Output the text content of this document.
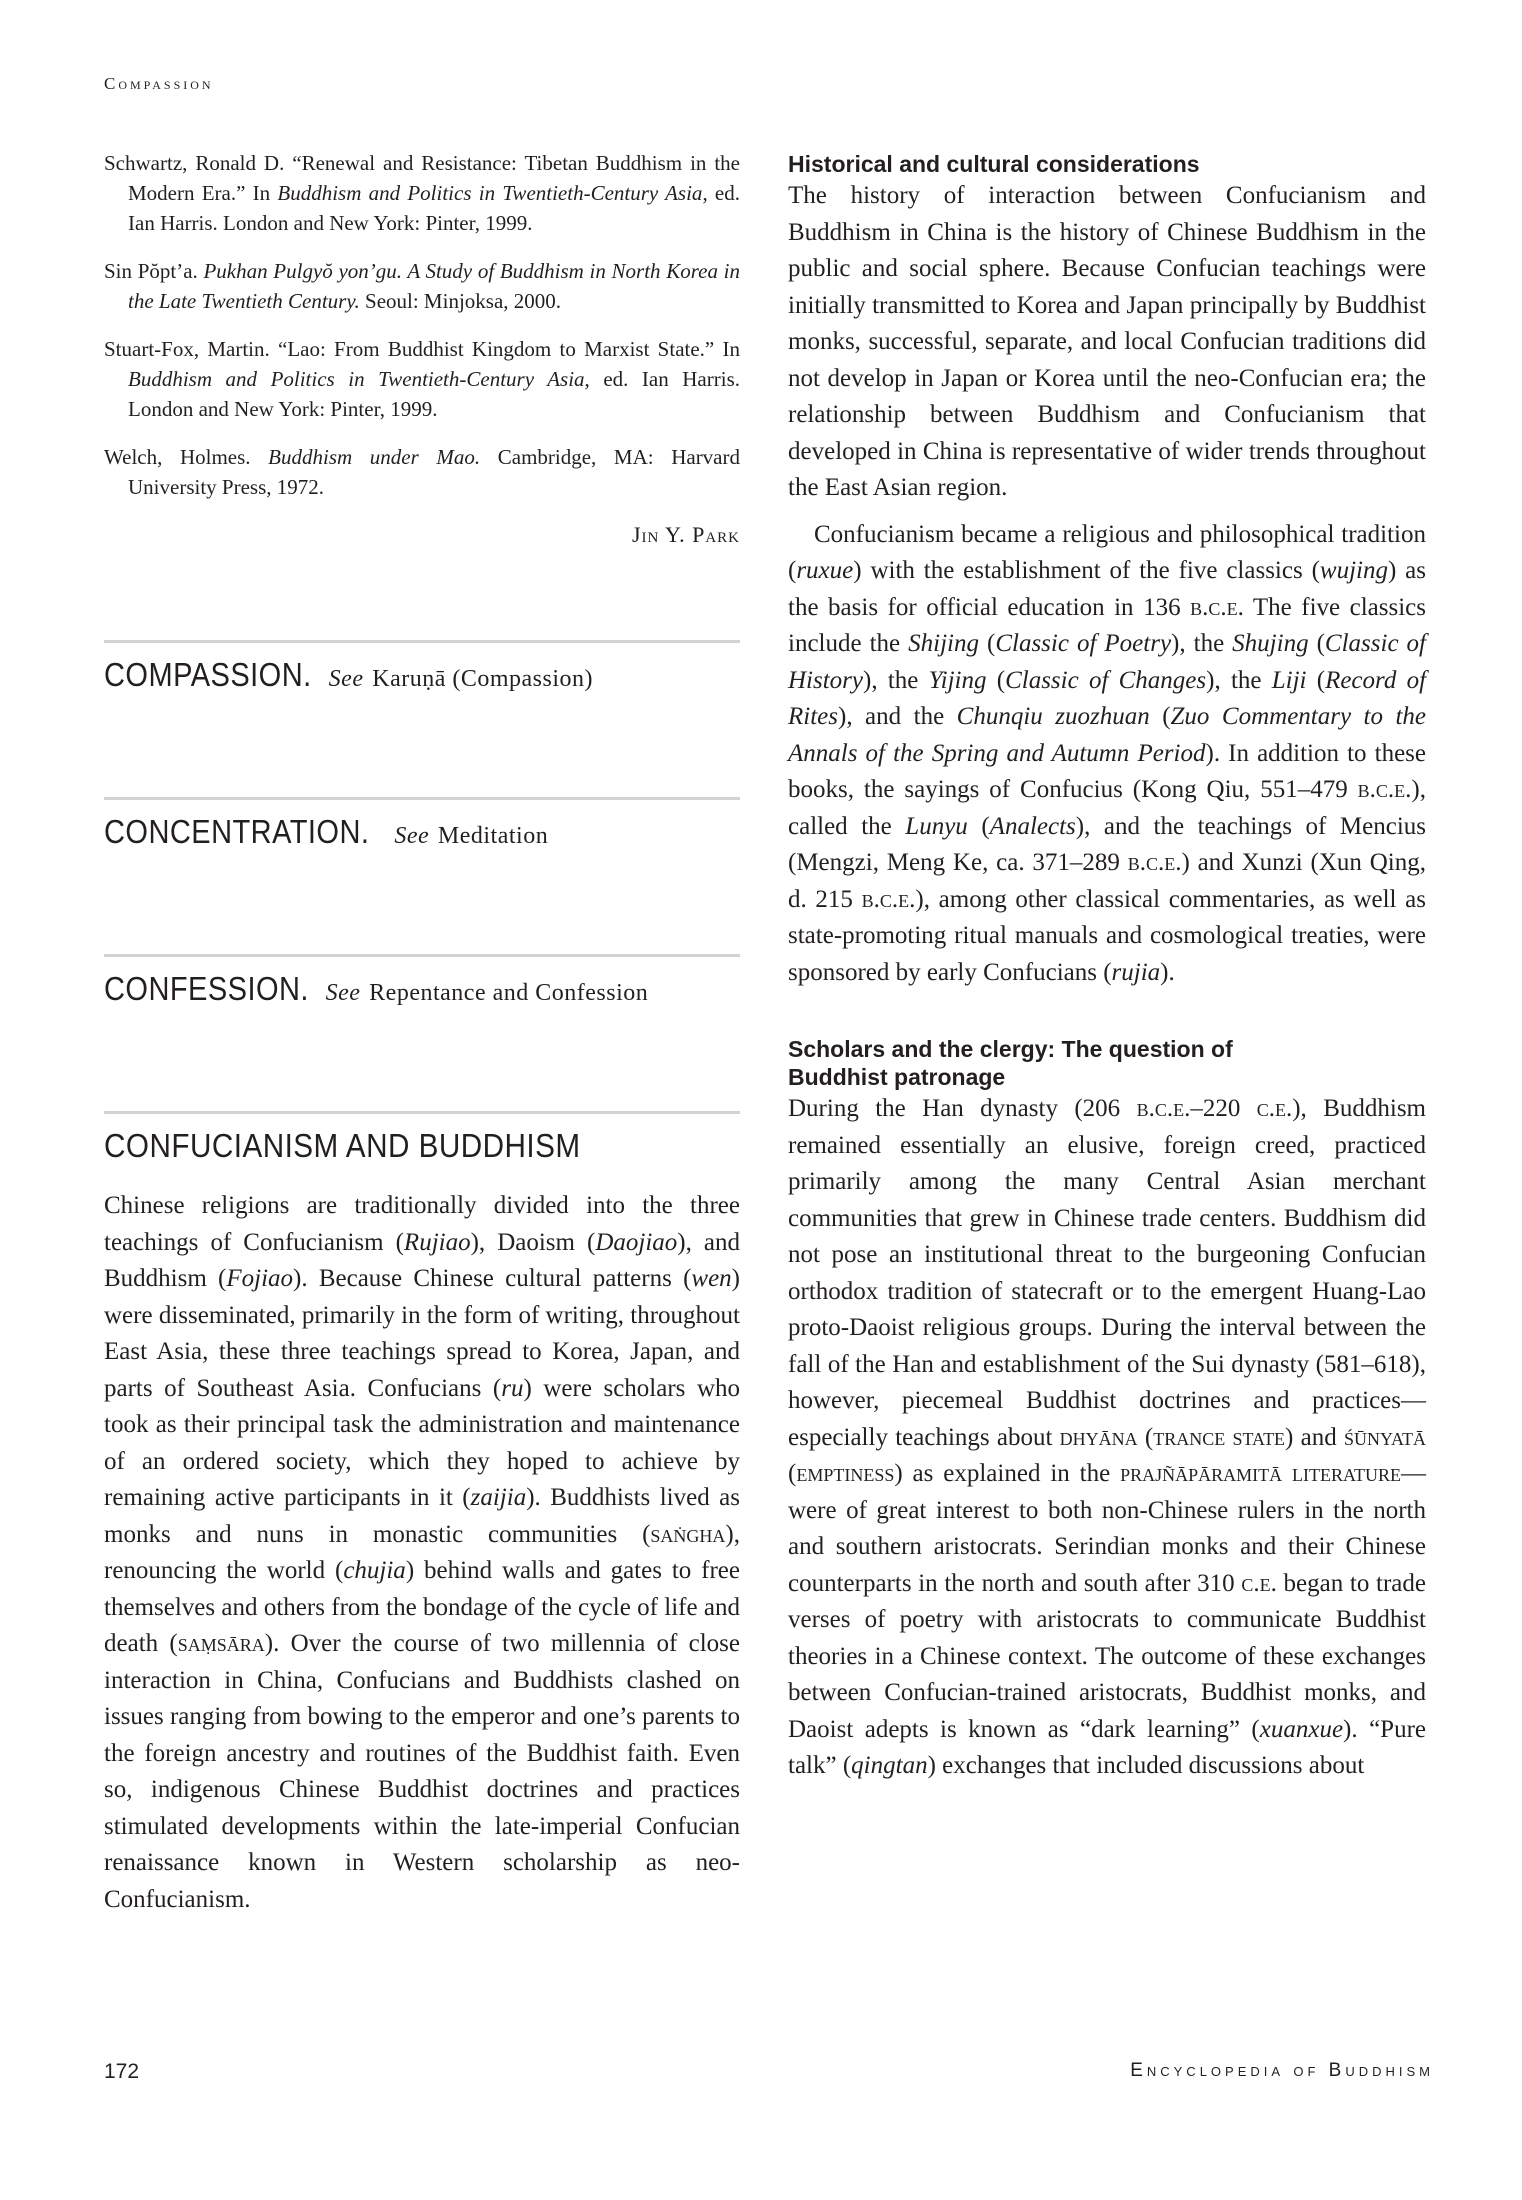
Compassion

Schwartz, Ronald D. “Renewal and Resistance: Tibetan Buddhism in the Modern Era.” In Buddhism and Politics in Twentieth-Century Asia, ed. Ian Harris. London and New York: Pinter, 1999.

Sin Pŏpt’a. Pukhan Pulgyŏ yon’gu. A Study of Buddhism in North Korea in the Late Twentieth Century. Seoul: Minjoksa, 2000.

Stuart-Fox, Martin. “Lao: From Buddhist Kingdom to Marxist State.” In Buddhism and Politics in Twentieth-Century Asia, ed. Ian Harris. London and New York: Pinter, 1999.

Welch, Holmes. Buddhism under Mao. Cambridge, MA: Harvard University Press, 1972.

Jin Y. Park
COMPASSION. See Karuṇā (Compassion)
CONCENTRATION. See Meditation
CONFESSION. See Repentance and Confession
CONFUCIANISM AND BUDDHISM

Chinese religions are traditionally divided into the three teachings of Confucianism (Rujiao), Daoism (Daojiao), and Buddhism (Fojiao). Because Chinese cultural patterns (wen) were disseminated, primarily in the form of writing, throughout East Asia, these three teachings spread to Korea, Japan, and parts of Southeast Asia. Confucians (ru) were scholars who took as their principal task the administration and maintenance of an ordered society, which they hoped to achieve by remaining active participants in it (zaijia). Buddhists lived as monks and nuns in monastic communities (saṅgha), renouncing the world (chujia) behind walls and gates to free themselves and others from the bondage of the cycle of life and death (saṃsāra). Over the course of two millennia of close interaction in China, Confucians and Buddhists clashed on issues ranging from bowing to the emperor and one’s parents to the foreign ancestry and routines of the Buddhist faith. Even so, indigenous Chinese Buddhist doctrines and practices stimulated developments within the late-imperial Confucian renaissance known in Western scholarship as neo-Confucianism.

Historical and cultural considerations

The history of interaction between Confucianism and Buddhism in China is the history of Chinese Buddhism in the public and social sphere. Because Confucian teachings were initially transmitted to Korea and Japan principally by Buddhist monks, successful, separate, and local Confucian traditions did not develop in Japan or Korea until the neo-Confucian era; the relationship between Buddhism and Confucianism that developed in China is representative of wider trends throughout the East Asian region.

Confucianism became a religious and philosophical tradition (ruxue) with the establishment of the five classics (wujing) as the basis for official education in 136 b.c.e. The five classics include the Shijing (Classic of Poetry), the Shujing (Classic of History), the Yijing (Classic of Changes), the Liji (Record of Rites), and the Chunqiu zuozhuan (Zuo Commentary to the Annals of the Spring and Autumn Period). In addition to these books, the sayings of Confucius (Kong Qiu, 551–479 b.c.e.), called the Lunyu (Analects), and the teachings of Mencius (Mengzi, Meng Ke, ca. 371–289 b.c.e.) and Xunzi (Xun Qing, d. 215 b.c.e.), among other classical commentaries, as well as state-promoting ritual manuals and cosmological treaties, were sponsored by early Confucians (rujia).

Scholars and the clergy: The question of Buddhist patronage

During the Han dynasty (206 b.c.e.–220 c.e.), Buddhism remained essentially an elusive, foreign creed, practiced primarily among the many Central Asian merchant communities that grew in Chinese trade centers. Buddhism did not pose an institutional threat to the burgeoning Confucian orthodox tradition of statecraft or to the emergent Huang-Lao proto-Daoist religious groups. During the interval between the fall of the Han and establishment of the Sui dynasty (581–618), however, piecemeal Buddhist doctrines and practices—especially teachings about dhyāna (trance state) and śūnyatā (emptiness) as explained in the prajñāpāramitā literature—were of great interest to both non-Chinese rulers in the north and southern aristocrats. Serindian monks and their Chinese counterparts in the north and south after 310 c.e. began to trade verses of poetry with aristocrats to communicate Buddhist theories in a Chinese context. The outcome of these exchanges between Confucian-trained aristocrats, Buddhist monks, and Daoist adepts is known as “dark learning” (xuanxue). “Pure talk” (qingtan) exchanges that included discussions about

172	Encyclopedia of Buddhism
